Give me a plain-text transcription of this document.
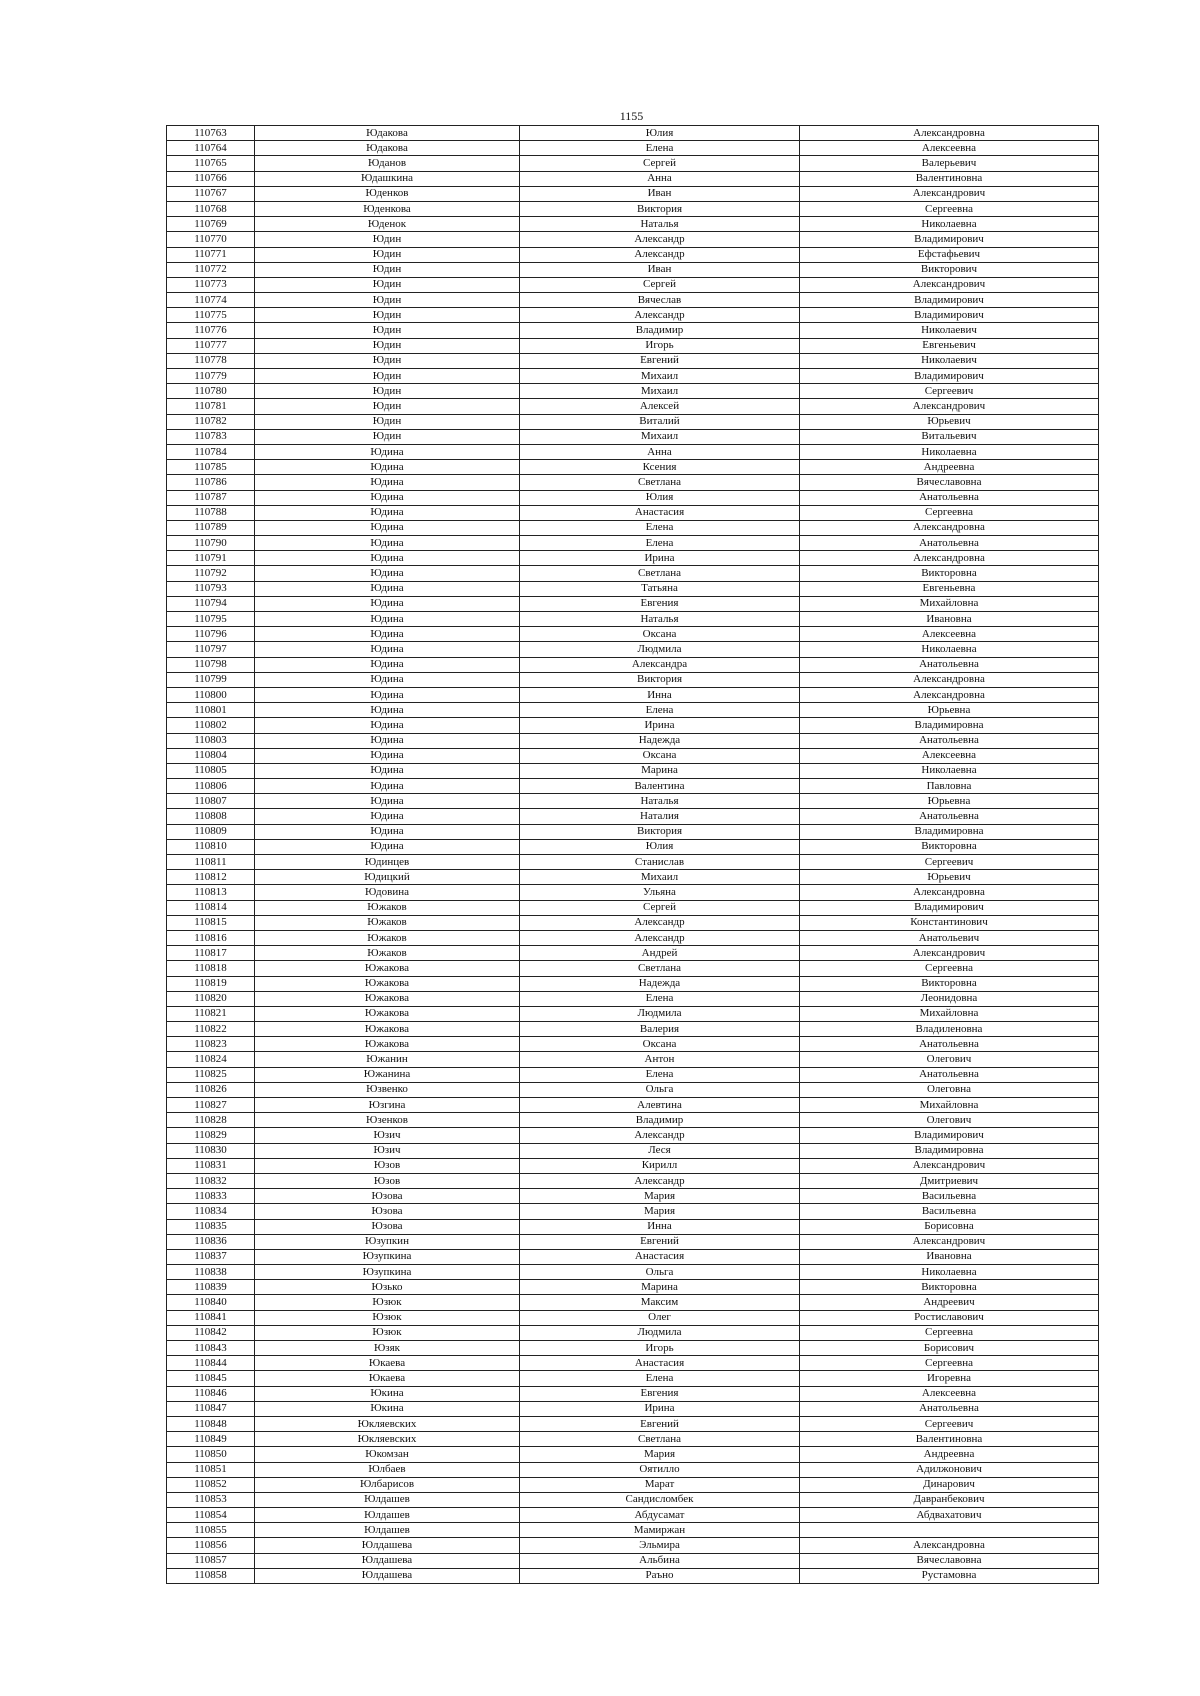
1155
110763	Юдакова	Юлия	Александровна
110764	Юдакова	Елена	Алексеевна
110765	Юданов	Сергей	Валерьевич
110766	Юдашкина	Анна	Валентиновна
110767	Юденков	Иван	Александрович
110768	Юденкова	Виктория	Сергеевна
110769	Юденок	Наталья	Николаевна
110770	Юдин	Александр	Владимирович
110771	Юдин	Александр	Ефстафьевич
110772	Юдин	Иван	Викторович
110773	Юдин	Сергей	Александрович
110774	Юдин	Вячеслав	Владимирович
110775	Юдин	Александр	Владимирович
110776	Юдин	Владимир	Николаевич
110777	Юдин	Игорь	Евгеньевич
110778	Юдин	Евгений	Николаевич
110779	Юдин	Михаил	Владимирович
110780	Юдин	Михаил	Сергеевич
110781	Юдин	Алексей	Александрович
110782	Юдин	Виталий	Юрьевич
110783	Юдин	Михаил	Витальевич
110784	Юдина	Анна	Николаевна
110785	Юдина	Ксения	Андреевна
110786	Юдина	Светлана	Вячеславовна
110787	Юдина	Юлия	Анатольевна
110788	Юдина	Анастасия	Сергеевна
110789	Юдина	Елена	Александровна
110790	Юдина	Елена	Анатольевна
110791	Юдина	Ирина	Александровна
110792	Юдина	Светлана	Викторовна
110793	Юдина	Татьяна	Евгеньевна
110794	Юдина	Евгения	Михайловна
110795	Юдина	Наталья	Ивановна
110796	Юдина	Оксана	Алексеевна
110797	Юдина	Людмила	Николаевна
110798	Юдина	Александра	Анатольевна
110799	Юдина	Виктория	Александровна
110800	Юдина	Инна	Александровна
110801	Юдина	Елена	Юрьевна
110802	Юдина	Ирина	Владимировна
110803	Юдина	Надежда	Анатольевна
110804	Юдина	Оксана	Алексеевна
110805	Юдина	Марина	Николаевна
110806	Юдина	Валентина	Павловна
110807	Юдина	Наталья	Юрьевна
110808	Юдина	Наталия	Анатольевна
110809	Юдина	Виктория	Владимировна
110810	Юдина	Юлия	Викторовна
110811	Юдинцев	Станислав	Сергеевич
110812	Юдицкий	Михаил	Юрьевич
110813	Юдовина	Ульяна	Александровна
110814	Южаков	Сергей	Владимирович
110815	Южаков	Александр	Константинович
110816	Южаков	Александр	Анатольевич
110817	Южаков	Андрей	Александрович
110818	Южакова	Светлана	Сергеевна
110819	Южакова	Надежда	Викторовна
110820	Южакова	Елена	Леонидовна
110821	Южакова	Людмила	Михайловна
110822	Южакова	Валерия	Владиленовна
110823	Южакова	Оксана	Анатольевна
110824	Южанин	Антон	Олегович
110825	Южанина	Елена	Анатольевна
110826	Юзвенко	Ольга	Олеговна
110827	Юзгина	Алевтина	Михайловна
110828	Юзенков	Владимир	Олегович
110829	Юзич	Александр	Владимирович
110830	Юзич	Леся	Владимировна
110831	Юзов	Кирилл	Александрович
110832	Юзов	Александр	Дмитриевич
110833	Юзова	Мария	Васильевна
110834	Юзова	Мария	Васильевна
110835	Юзова	Инна	Борисовна
110836	Юзупкин	Евгений	Александрович
110837	Юзупкина	Анастасия	Ивановна
110838	Юзупкина	Ольга	Николаевна
110839	Юзько	Марина	Викторовна
110840	Юзюк	Максим	Андреевич
110841	Юзюк	Олег	Ростиславович
110842	Юзюк	Людмила	Сергеевна
110843	Юзяк	Игорь	Борисович
110844	Юкаева	Анастасия	Сергеевна
110845	Юкаева	Елена	Игоревна
110846	Юкина	Евгения	Алексеевна
110847	Юкина	Ирина	Анатольевна
110848	Юкляевских	Евгений	Сергеевич
110849	Юкляевских	Светлана	Валентиновна
110850	Юкомзан	Мария	Андреевна
110851	Юлбаев	Оятилло	Адилжонович
110852	Юлбарисов	Марат	Динарович
110853	Юлдашев	Сандисломбек	Давранбекович
110854	Юлдашев	Абдусамат	Абдвахатович
110855	Юлдашев	Мамиржан	
110856	Юлдашева	Эльмира	Александровна
110857	Юлдашева	Альбина	Вячеславовна
110858	Юлдашева	Раъно	Рустамовна
